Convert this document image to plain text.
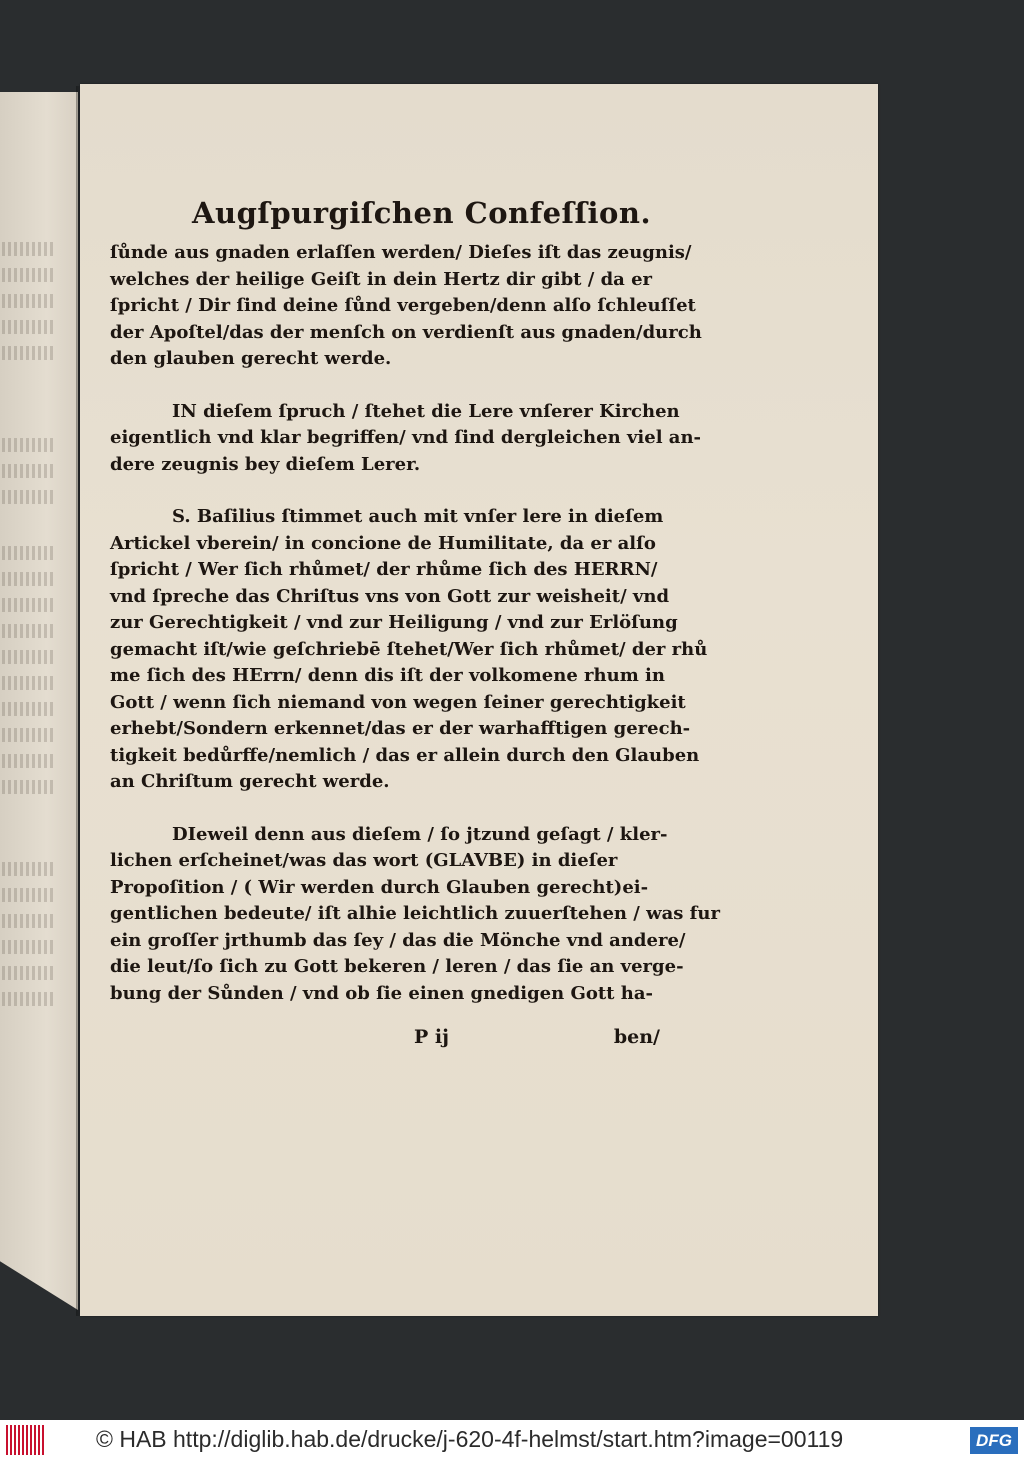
Augſpurgiſchen Confeſſion.
ſůnde aus gnaden erlaſſen werden/ Dieſes iſt das zeugnis/
welches der heilige Geiſt in dein Hertz dir gibt / da er
ſpricht / Dir ſind deine ſůnd vergeben/denn alſo ſchleuſſet
der Apoſtel/das der menſch on verdienſt aus gnaden/durch
den glauben gerecht werde.
IN dieſem ſpruch / ſtehet die Lere vnſerer Kirchen
eigentlich vnd klar begriffen/ vnd ſind dergleichen viel an-
dere zeugnis bey dieſem Lerer.
S. Baſilius ſtimmet auch mit vnſer lere in dieſem
Artickel vberein/ in concione de Humilitate, da er alſo
ſpricht / Wer ſich rhůmet/ der rhůme ſich des HERRN/
vnd ſpreche das Chriſtus vns von Gott zur weisheit/ vnd
zur Gerechtigkeit / vnd zur Heiligung / vnd zur Erlöſung
gemacht iſt/wie geſchriebē ſtehet/Wer ſich rhůmet/ der rhů
me ſich des HErrn/ denn dis iſt der volkomene rhum in
Gott / wenn ſich niemand von wegen ſeiner gerechtigkeit
erhebt/Sondern erkennet/das er der warhafftigen gerech-
tigkeit bedůrffe/nemlich / das er allein durch den Glauben
an Chriſtum gerecht werde.
DIeweil denn aus dieſem / ſo jtzund geſagt / kler-
lichen erſcheinet/was das wort (GLAVBE) in dieſer
Propoſition / ( Wir werden durch Glauben gerecht)ei-
gentlichen bedeute/ iſt alhie leichtlich zuuerſtehen / was fur
ein groſſer jrthumb das ſey / das die Mönche vnd andere/
die leut/ſo ſich zu Gott bekeren / leren / das ſie an verge-
bung der Sůnden / vnd ob ſie einen gnedigen Gott ha-
P ij	ben/
© HAB http://diglib.hab.de/drucke/j-620-4f-helmst/start.htm?image=00119	DFG
